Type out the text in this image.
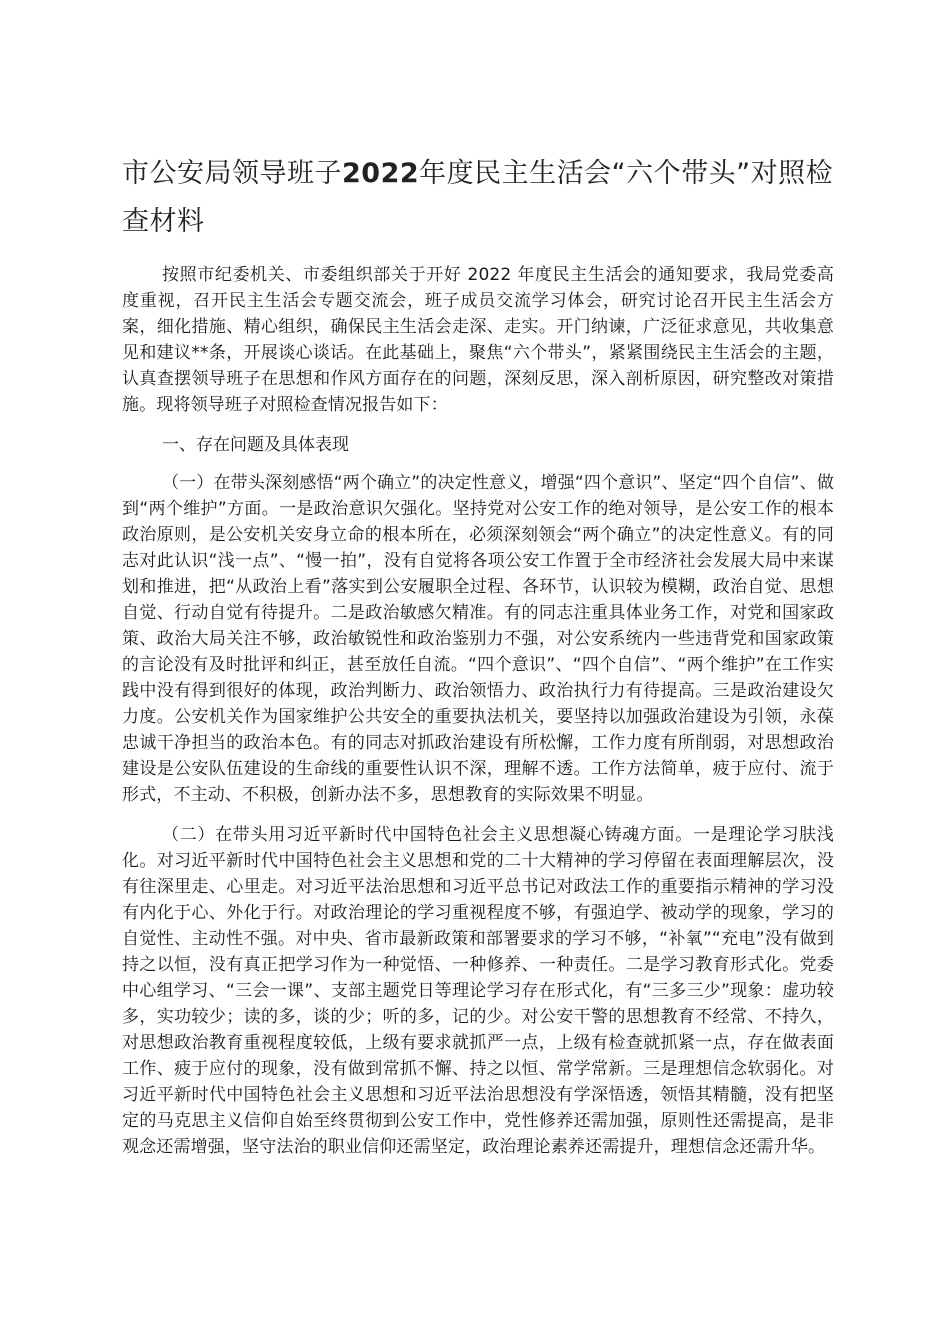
市公安局领导班子2022年度民主生活会“六个带头”对照检查材料

按照市纪委机关、市委组织部关于开好 2022 年度民主生活会的通知要求，我局党委高度重视，召开民主生活会专题交流会，班子成员交流学习体会，研究讨论召开民主生活会方案，细化措施、精心组织，确保民主生活会走深、走实。开门纳谏，广泛征求意见，共收集意见和建议**条，开展谈心谈话。在此基础上，聚焦“六个带头”，紧紧围绕民主生活会的主题，认真查摆领导班子在思想和作风方面存在的问题，深刻反思，深入剖析原因，研究整改对策措施。现将领导班子对照检查情况报告如下：

一、存在问题及具体表现

（一）在带头深刻感悟“两个确立”的决定性意义，增强“四个意识”、坚定“四个自信”、做到“两个维护”方面。一是政治意识欠强化。坚持党对公安工作的绝对领导，是公安工作的根本政治原则，是公安机关安身立命的根本所在，必须深刻领会“两个确立”的决定性意义。有的同志对此认识“浅一点”、“慢一拍”，没有自觉将各项公安工作置于全市经济社会发展大局中来谋划和推进，把“从政治上看”落实到公安履职全过程、各环节，认识较为模糊，政治自觉、思想自觉、行动自觉有待提升。二是政治敏感欠精准。有的同志注重具体业务工作，对党和国家政策、政治大局关注不够，政治敏锐性和政治鉴别力不强，对公安系统内一些违背党和国家政策的言论没有及时批评和纠正，甚至放任自流。“四个意识”、“四个自信”、“两个维护”在工作实践中没有得到很好的体现，政治判断力、政治领悟力、政治执行力有待提高。三是政治建设欠力度。公安机关作为国家维护公共安全的重要执法机关，要坚持以加强政治建设为引领，永葆忠诚干净担当的政治本色。有的同志对抓政治建设有所松懈，工作力度有所削弱，对思想政治建设是公安队伍建设的生命线的重要性认识不深，理解不透。工作方法简单，疲于应付、流于形式，不主动、不积极，创新办法不多，思想教育的实际效果不明显。

（二）在带头用习近平新时代中国特色社会主义思想凝心铸魂方面。一是理论学习肤浅化。对习近平新时代中国特色社会主义思想和党的二十大精神的学习停留在表面理解层次，没有往深里走、心里走。对习近平法治思想和习近平总书记对政法工作的重要指示精神的学习没有内化于心、外化于行。对政治理论的学习重视程度不够，有强迫学、被动学的现象，学习的自觉性、主动性不强。对中央、省市最新政策和部署要求的学习不够，“补氧”“充电”没有做到持之以恒，没有真正把学习作为一种觉悟、一种修养、一种责任。二是学习教育形式化。党委中心组学习、“三会一课”、支部主题党日等理论学习存在形式化，有“三多三少”现象：虚功较多，实功较少；读的多，谈的少；听的多，记的少。对公安干警的思想教育不经常、不持久，对思想政治教育重视程度较低，上级有要求就抓严一点，上级有检查就抓紧一点，存在做表面工作、疲于应付的现象，没有做到常抓不懈、持之以恒、常学常新。三是理想信念软弱化。对习近平新时代中国特色社会主义思想和习近平法治思想没有学深悟透，领悟其精髓，没有把坚定的马克思主义信仰自始至终贯彻到公安工作中，党性修养还需加强，原则性还需提高，是非观念还需增强，坚守法治的职业信仰还需坚定，政治理论素养还需提升，理想信念还需升华。
